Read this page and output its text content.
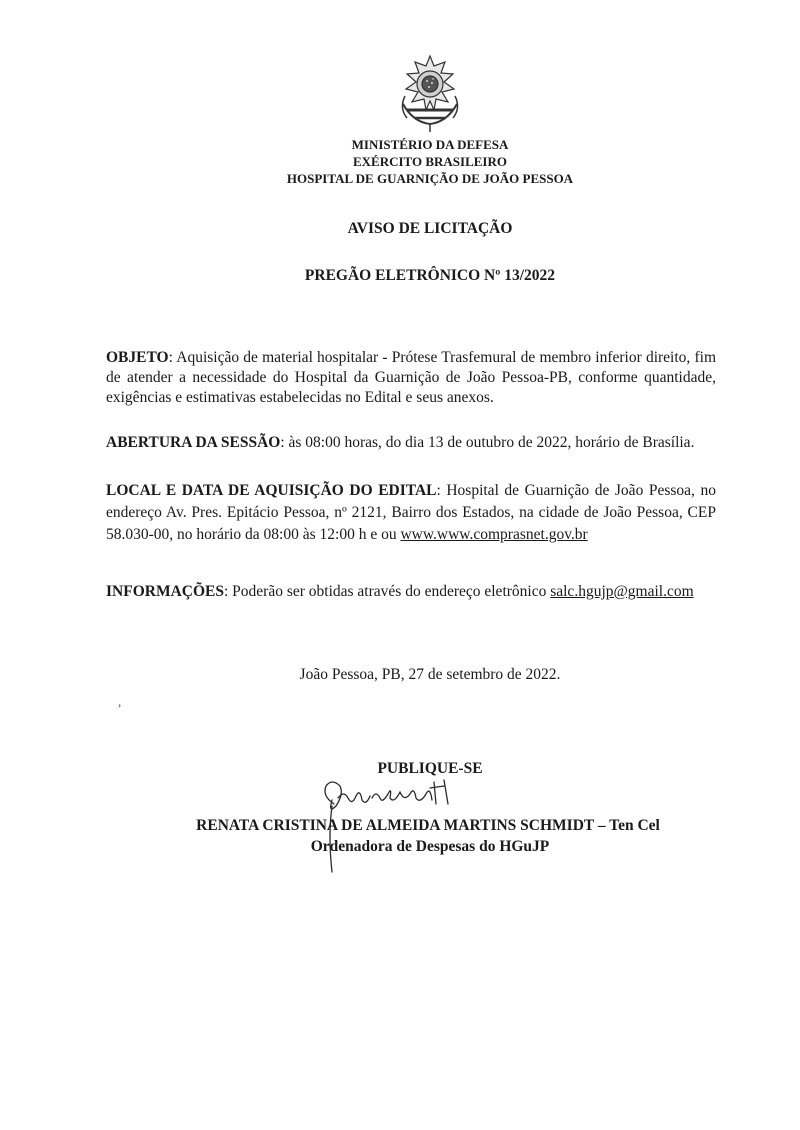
MINISTÉRIO DA DEFESA
EXÉRCITO BRASILEIRO
HOSPITAL DE GUARNIÇÃO DE JOÃO PESSOA
AVISO DE LICITAÇÃO
PREGÃO ELETRÔNICO Nº 13/2022
OBJETO: Aquisição de material hospitalar - Prótese Trasfemural de membro inferior direito, fim de atender a necessidade do Hospital da Guarnição de João Pessoa-PB, conforme quantidade, exigências e estimativas estabelecidas no Edital e seus anexos.
ABERTURA DA SESSÃO: às 08:00 horas, do dia 13 de outubro de 2022, horário de Brasília.
LOCAL E DATA DE AQUISIÇÃO DO EDITAL: Hospital de Guarnição de João Pessoa, no endereço Av. Pres. Epitácio Pessoa, nº 2121, Bairro dos Estados, na cidade de João Pessoa, CEP 58.030-00, no horário da 08:00 às 12:00 h e ou www.www.comprasnet.gov.br
INFORMAÇÕES: Poderão ser obtidas através do endereço eletrônico salc.hgujp@gmail.com
João Pessoa, PB, 27 de setembro de 2022.
,
PUBLIQUE-SE
RENATA CRISTINA DE ALMEIDA MARTINS SCHMIDT – Ten Cel
Ordenadora de Despesas do HGuJP
